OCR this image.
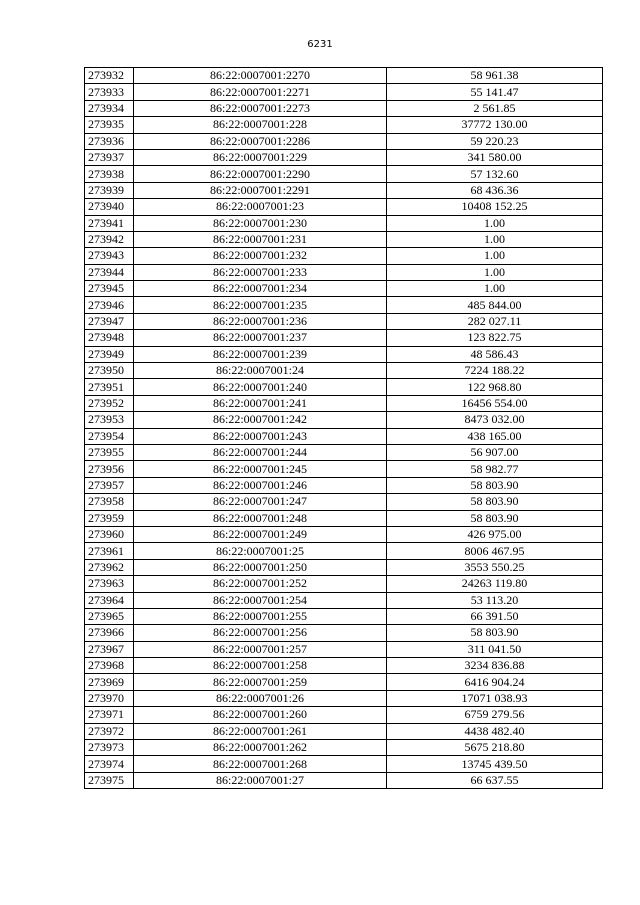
6231
273932	86:22:0007001:2270	58 961.38
273933	86:22:0007001:2271	55 141.47
273934	86:22:0007001:2273	2 561.85
273935	86:22:0007001:228	37772 130.00
273936	86:22:0007001:2286	59 220.23
273937	86:22:0007001:229	341 580.00
273938	86:22:0007001:2290	57 132.60
273939	86:22:0007001:2291	68 436.36
273940	86:22:0007001:23	10408 152.25
273941	86:22:0007001:230	1.00
273942	86:22:0007001:231	1.00
273943	86:22:0007001:232	1.00
273944	86:22:0007001:233	1.00
273945	86:22:0007001:234	1.00
273946	86:22:0007001:235	485 844.00
273947	86:22:0007001:236	282 027.11
273948	86:22:0007001:237	123 822.75
273949	86:22:0007001:239	48 586.43
273950	86:22:0007001:24	7224 188.22
273951	86:22:0007001:240	122 968.80
273952	86:22:0007001:241	16456 554.00
273953	86:22:0007001:242	8473 032.00
273954	86:22:0007001:243	438 165.00
273955	86:22:0007001:244	56 907.00
273956	86:22:0007001:245	58 982.77
273957	86:22:0007001:246	58 803.90
273958	86:22:0007001:247	58 803.90
273959	86:22:0007001:248	58 803.90
273960	86:22:0007001:249	426 975.00
273961	86:22:0007001:25	8006 467.95
273962	86:22:0007001:250	3553 550.25
273963	86:22:0007001:252	24263 119.80
273964	86:22:0007001:254	53 113.20
273965	86:22:0007001:255	66 391.50
273966	86:22:0007001:256	58 803.90
273967	86:22:0007001:257	311 041.50
273968	86:22:0007001:258	3234 836.88
273969	86:22:0007001:259	6416 904.24
273970	86:22:0007001:26	17071 038.93
273971	86:22:0007001:260	6759 279.56
273972	86:22:0007001:261	4438 482.40
273973	86:22:0007001:262	5675 218.80
273974	86:22:0007001:268	13745 439.50
273975	86:22:0007001:27	66 637.55
